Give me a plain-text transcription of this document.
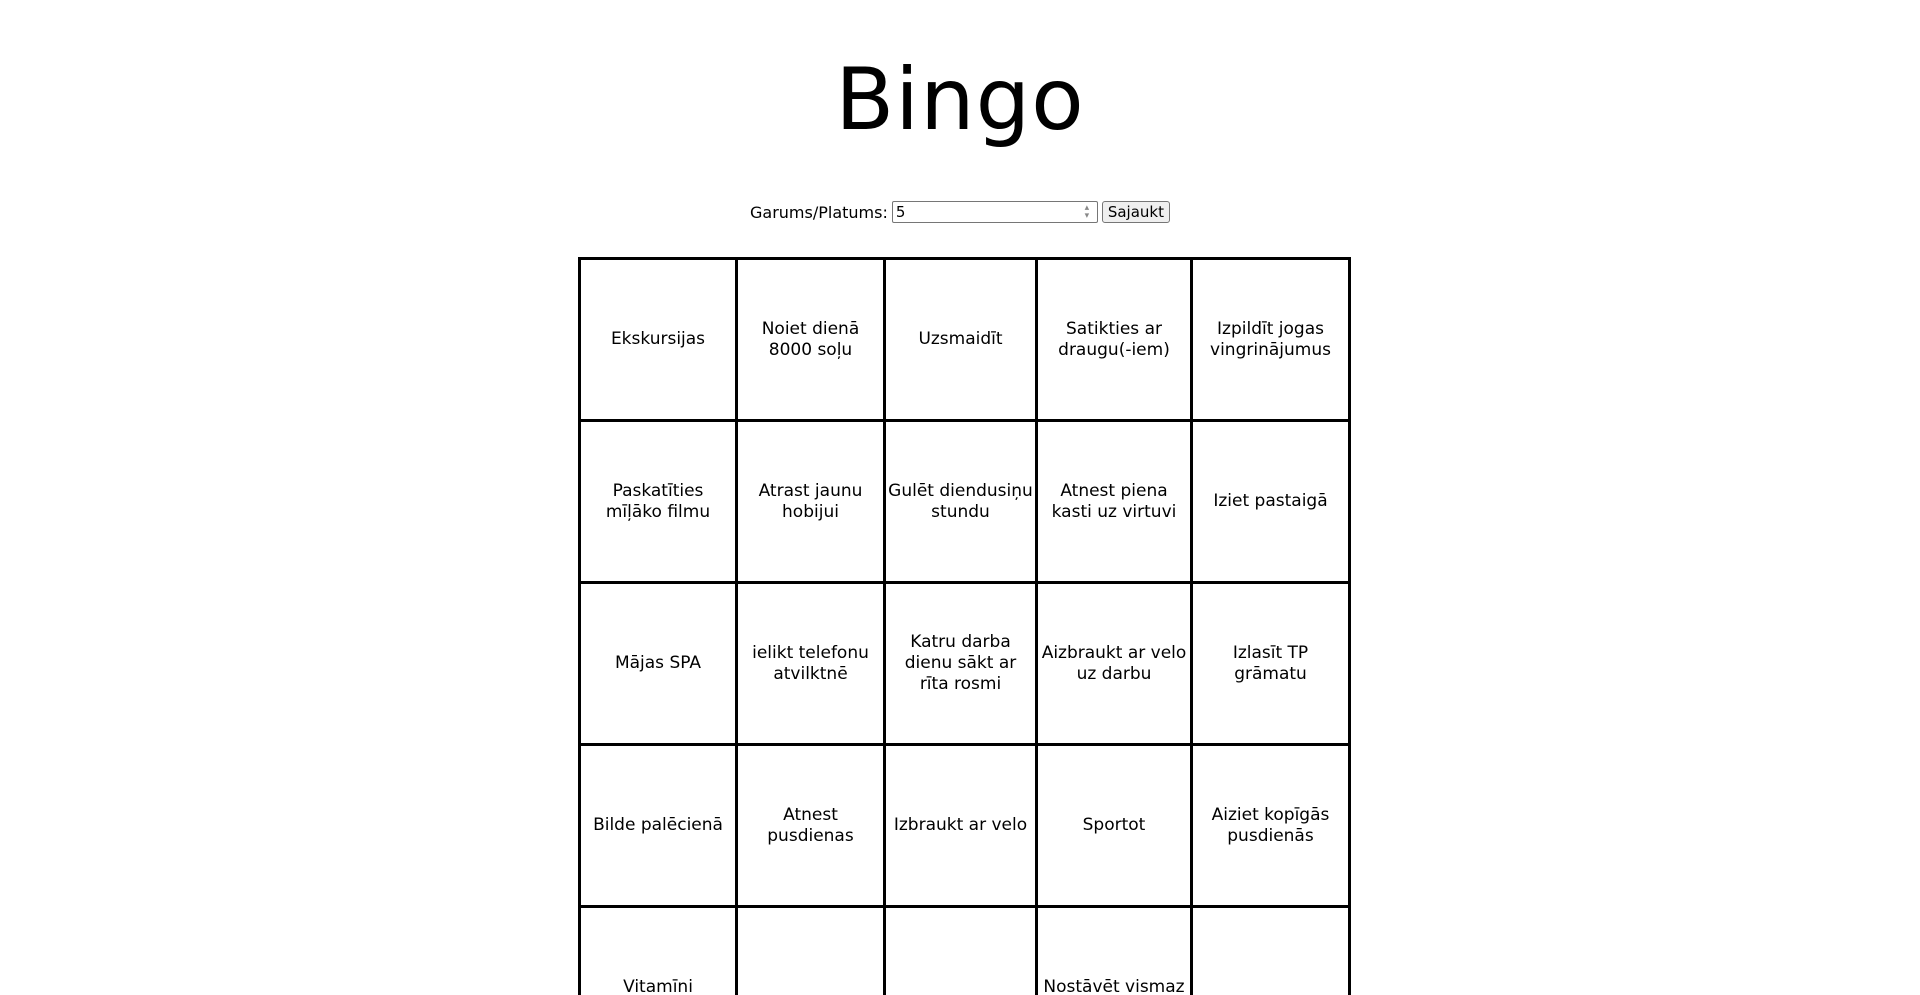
Bingo
Garums/Platums:
5	▴
▾	Sajaukt
Ekskursijas	Noiet dienā 8000 soļu	Uzsmaidīt	Satikties ar draugu(-iem)	Izpildīt jogas vingrinājumus
Paskatīties mīļāko filmu	Atrast jaunu hobijui	Gulēt diendusiņu stundu	Atnest piena kasti uz virtuvi	Iziet pastaigā
Mājas SPA	ielikt telefonu atvilktnē	Katru darba dienu sākt ar rīta rosmi	Aizbraukt ar velo uz darbu	Izlasīt TP grāmatu
Bilde palēcienā	Atnest pusdienas	Izbraukt ar velo	Sportot	Aiziet kopīgās pusdienās
Vitamīni			Nostāvēt vismaz	
